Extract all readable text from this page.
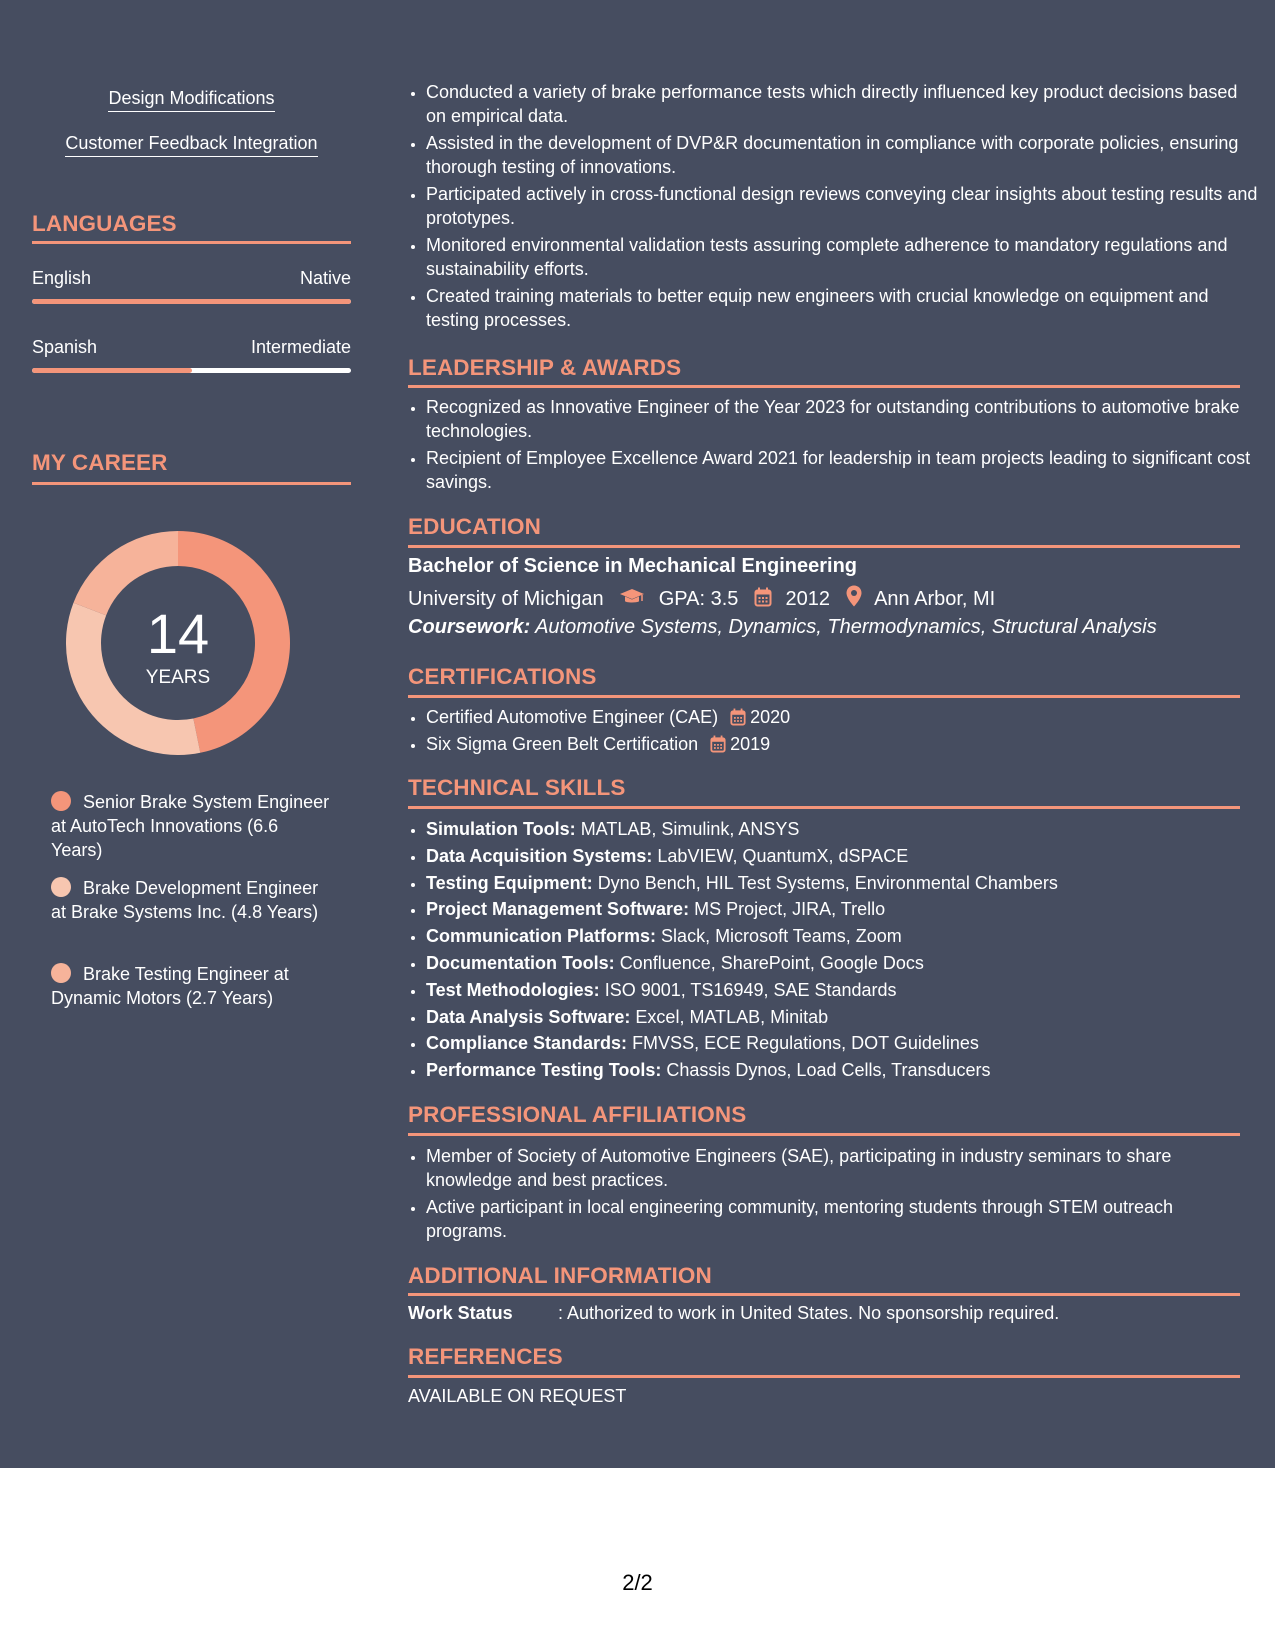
Design Modifications
Customer Feedback Integration
LANGUAGES
English	Native
Spanish	Intermediate
MY CAREER
14
YEARS
Senior Brake System Engineer at AutoTech Innovations (6.6 Years)
Brake Development Engineer at Brake Systems Inc. (4.8 Years)
Brake Testing Engineer at Dynamic Motors (2.7 Years)
• Conducted a variety of brake performance tests which directly influenced key product decisions based on empirical data.
• Assisted in the development of DVP&R documentation in compliance with corporate policies, ensuring thorough testing of innovations.
• Participated actively in cross-functional design reviews conveying clear insights about testing results and prototypes.
• Monitored environmental validation tests assuring complete adherence to mandatory regulations and sustainability efforts.
• Created training materials to better equip new engineers with crucial knowledge on equipment and testing processes.
LEADERSHIP & AWARDS
• Recognized as Innovative Engineer of the Year 2023 for outstanding contributions to automotive brake technologies.
• Recipient of Employee Excellence Award 2021 for leadership in team projects leading to significant cost savings.
EDUCATION
Bachelor of Science in Mechanical Engineering
University of Michigan	GPA: 3.5 2012 Ann Arbor, MI
Coursework: Automotive Systems, Dynamics, Thermodynamics, Structural Analysis
CERTIFICATIONS
• Certified Automotive Engineer (CAE) 2020
• Six Sigma Green Belt Certification 2019
TECHNICAL SKILLS
• Simulation Tools: MATLAB, Simulink, ANSYS
• Data Acquisition Systems: LabVIEW, QuantumX, dSPACE
• Testing Equipment: Dyno Bench, HIL Test Systems, Environmental Chambers
• Project Management Software: MS Project, JIRA, Trello
• Communication Platforms: Slack, Microsoft Teams, Zoom
• Documentation Tools: Confluence, SharePoint, Google Docs
• Test Methodologies: ISO 9001, TS16949, SAE Standards
• Data Analysis Software: Excel, MATLAB, Minitab
• Compliance Standards: FMVSS, ECE Regulations, DOT Guidelines
• Performance Testing Tools: Chassis Dynos, Load Cells, Transducers
PROFESSIONAL AFFILIATIONS
• Member of Society of Automotive Engineers (SAE), participating in industry seminars to share knowledge and best practices.
• Active participant in local engineering community, mentoring students through STEM outreach programs.
ADDITIONAL INFORMATION
Work Status	: Authorized to work in United States. No sponsorship required.
REFERENCES
AVAILABLE ON REQUEST
2/2
